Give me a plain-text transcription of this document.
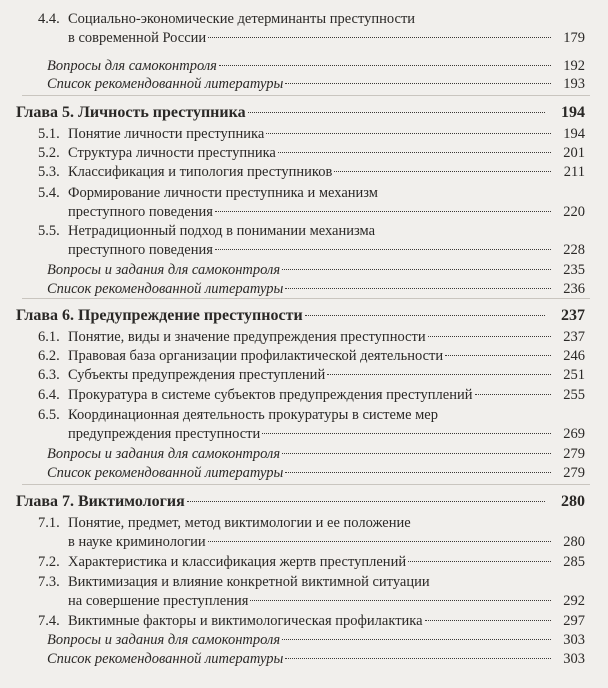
4.4. Социально-экономические детерминанты преступности
в современной России	179
Вопросы для самоконтроля	192
Список рекомендованной литературы	193
Глава 5. Личность преступника	194
5.1. Понятие личности преступника	194
5.2. Структура личности преступника	201
5.3. Классификация и типология преступников	211
5.4. Формирование личности преступника и механизм
преступного поведения	220
5.5. Нетрадиционный подход в понимании механизма
преступного поведения	228
Вопросы и задания для самоконтроля	235
Список рекомендованной литературы	236
Глава 6. Предупреждение преступности	237
6.1. Понятие, виды и значение предупреждения преступности	237
6.2. Правовая база организации профилактической деятельности	246
6.3. Субъекты предупреждения преступлений	251
6.4. Прокуратура в системе субъектов предупреждения преступлений	255
6.5. Координационная деятельность прокуратуры в системе мер
предупреждения преступности	269
Вопросы и задания для самоконтроля	279
Список рекомендованной литературы	279
Глава 7. Виктимология	280
7.1. Понятие, предмет, метод виктимологии и ее положение
в науке криминологии	280
7.2. Характеристика и классификация жертв преступлений	285
7.3. Виктимизация и влияние конкретной виктимной ситуации
на совершение преступления	292
7.4. Виктимные факторы и виктимологическая профилактика	297
Вопросы и задания для самоконтроля	303
Список рекомендованной литературы	303
